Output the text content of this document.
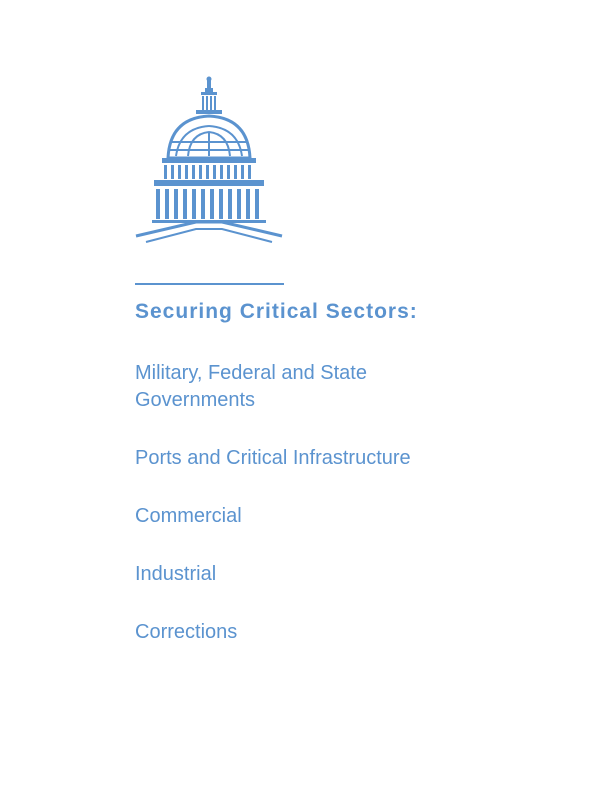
Securing Critical Sectors:
Military, Federal and State Governments
Ports and Critical Infrastructure
Commercial
Industrial
Corrections
